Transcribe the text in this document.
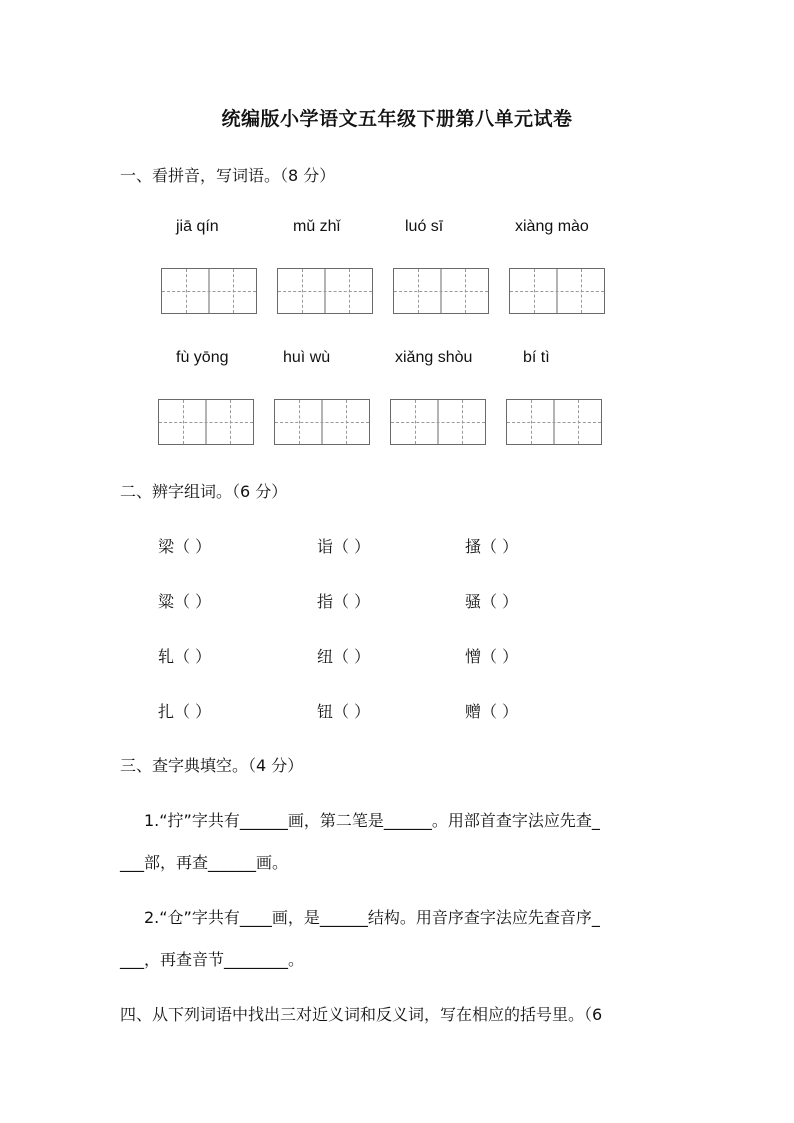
统编版小学语文五年级下册第八单元试卷
一、看拼音，写词语。（8 分）
jiā qín	mǔ zhǐ	luó sī	xiàng mào
fù yōng	huì wù	xiǎng shòu	bí tì
二、辨字组词。（6 分）
梁（ ）	诣（ ）	搔（ ）
粱（ ）	指（ ）	骚（ ）
轧（ ）	纽（ ）	憎（ ）
扎（ ）	钮（ ）	赠（ ）
三、查字典填空。（4 分）
1.“拧”字共有______画，第二笔是______。用部首查字法应先查_
___部，再查______画。
2.“仓”字共有____画，是______结构。用音序查字法应先查音序_
___，再查音节________。
四、从下列词语中找出三对近义词和反义词，写在相应的括号里。（6
